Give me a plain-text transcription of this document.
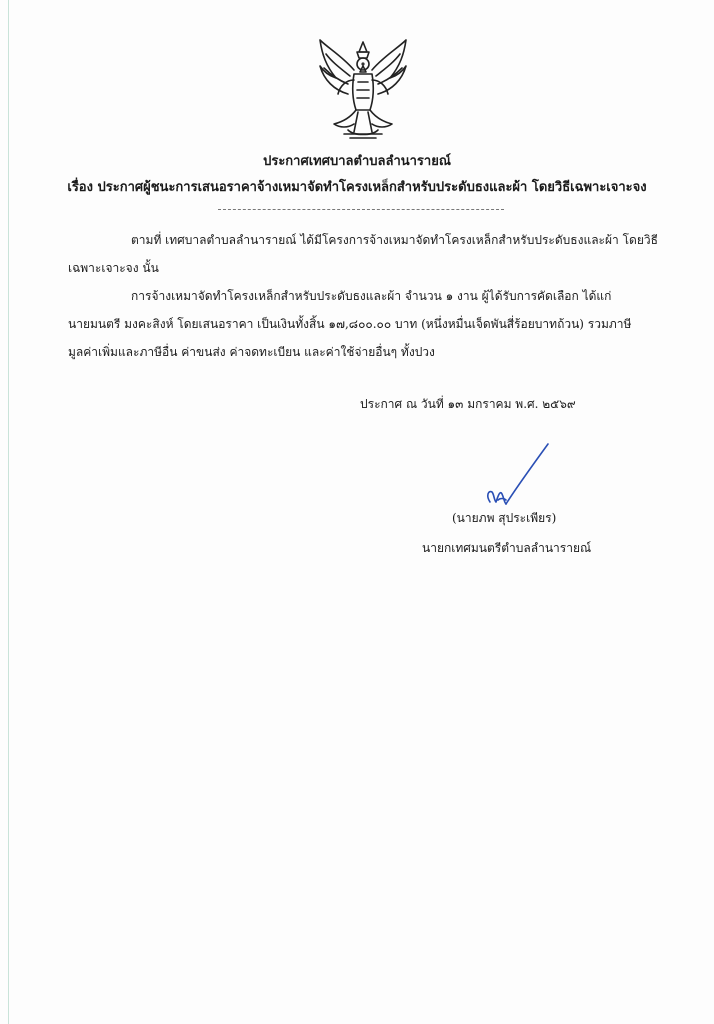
ประกาศเทศบาลตำบลลำนารายณ์
เรื่อง ประกาศผู้ชนะการเสนอราคาจ้างเหมาจัดทำโครงเหล็กสำหรับประดับธงและผ้า โดยวิธีเฉพาะเจาะจง
ตามที่ เทศบาลตำบลลำนารายณ์ ได้มีโครงการจ้างเหมาจัดทำโครงเหล็กสำหรับประดับธงและผ้า โดยวิธี
เฉพาะเจาะจง นั้น
การจ้างเหมาจัดทำโครงเหล็กสำหรับประดับธงและผ้า จำนวน ๑ งาน ผู้ได้รับการคัดเลือก ได้แก่
นายมนตรี มงคะสิงห์ โดยเสนอราคา เป็นเงินทั้งสิ้น ๑๗,๘๐๐.๐๐ บาท (หนึ่งหมื่นเจ็ดพันสี่ร้อยบาทถ้วน) รวมภาษี
มูลค่าเพิ่มและภาษีอื่น ค่าขนส่ง ค่าจดทะเบียน และค่าใช้จ่ายอื่นๆ ทั้งปวง
ประกาศ ณ วันที่ ๑๓ มกราคม พ.ศ. ๒๕๖๙
(นายภพ สุประเพียร)
นายกเทศมนตรีตำบลลำนารายณ์
